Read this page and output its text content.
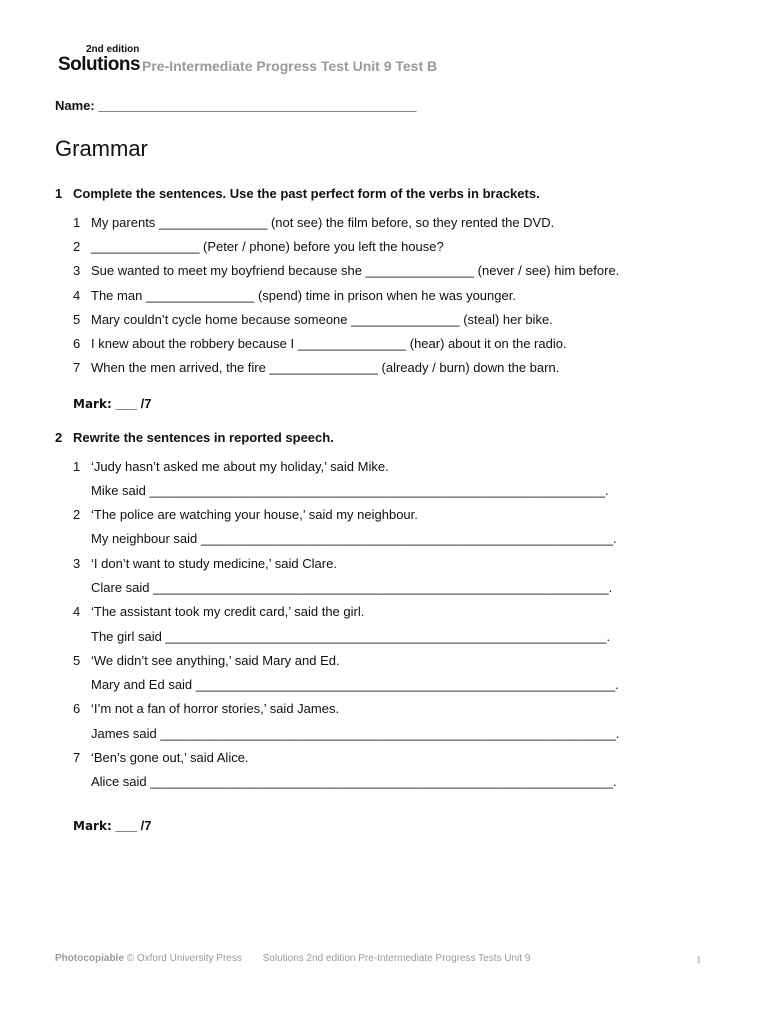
2nd edition
Solutions Pre-Intermediate Progress Test Unit 9 Test B
Name: ____________________________________________
Grammar
1 Complete the sentences. Use the past perfect form of the verbs in brackets.
1 My parents _______________ (not see) the film before, so they rented the DVD.
2 _______________ (Peter / phone) before you left the house?
3 Sue wanted to meet my boyfriend because she _______________ (never / see) him before.
4 The man _______________ (spend) time in prison when he was younger.
5 Mary couldn’t cycle home because someone _______________ (steal) her bike.
6 I knew about the robbery because I _______________ (hear) about it on the radio.
7 When the men arrived, the fire _______________ (already / burn) down the barn.
Mark: ___ /7
2 Rewrite the sentences in reported speech.
1 ‘Judy hasn’t asked me about my holiday,’ said Mike.
Mike said _______________________________________________________________.
2 ‘The police are watching your house,’ said my neighbour.
My neighbour said _________________________________________________________.
3 ‘I don’t want to study medicine,’ said Clare.
Clare said _______________________________________________________________.
4 ‘The assistant took my credit card,’ said the girl.
The girl said _____________________________________________________________.
5 ‘We didn’t see anything,’ said Mary and Ed.
Mary and Ed said __________________________________________________________.
6 ‘I’m not a fan of horror stories,’ said James.
James said _______________________________________________________________.
7 ‘Ben’s gone out,’ said Alice.
Alice said ________________________________________________________________.
Mark: ___ /7
Photocopiable © Oxford University Press Solutions 2nd edition Pre-Intermediate Progress Tests Unit 9	1
